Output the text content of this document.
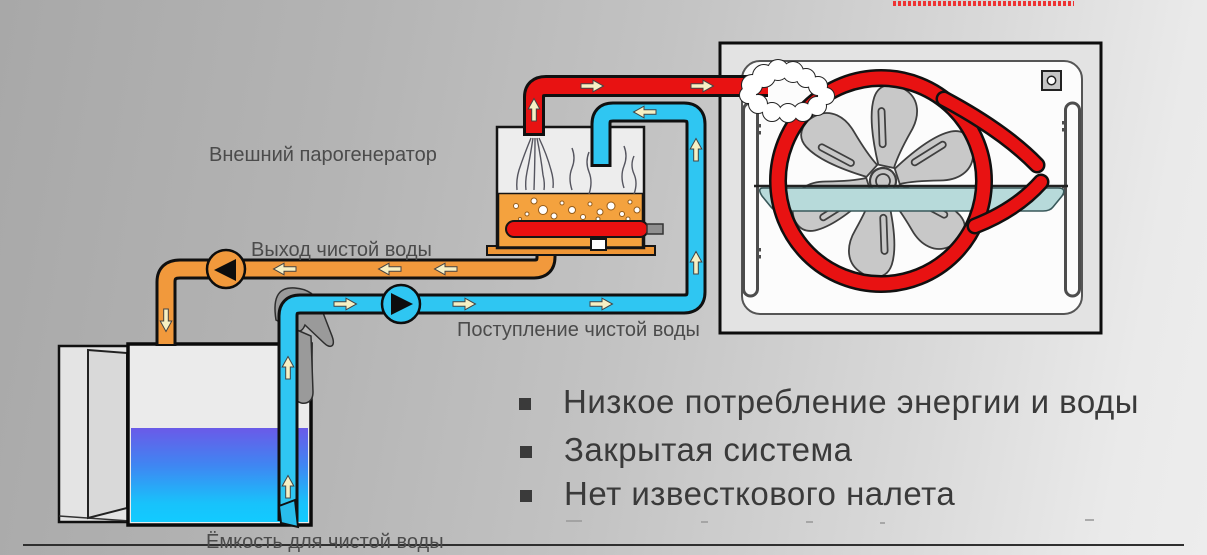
Внешний парогенератор
Выход чистой воды
Поступление чистой воды
Ёмкость для чистой воды
Низкое потребление энергии и воды
Закрытая система
Нет известкового налета
